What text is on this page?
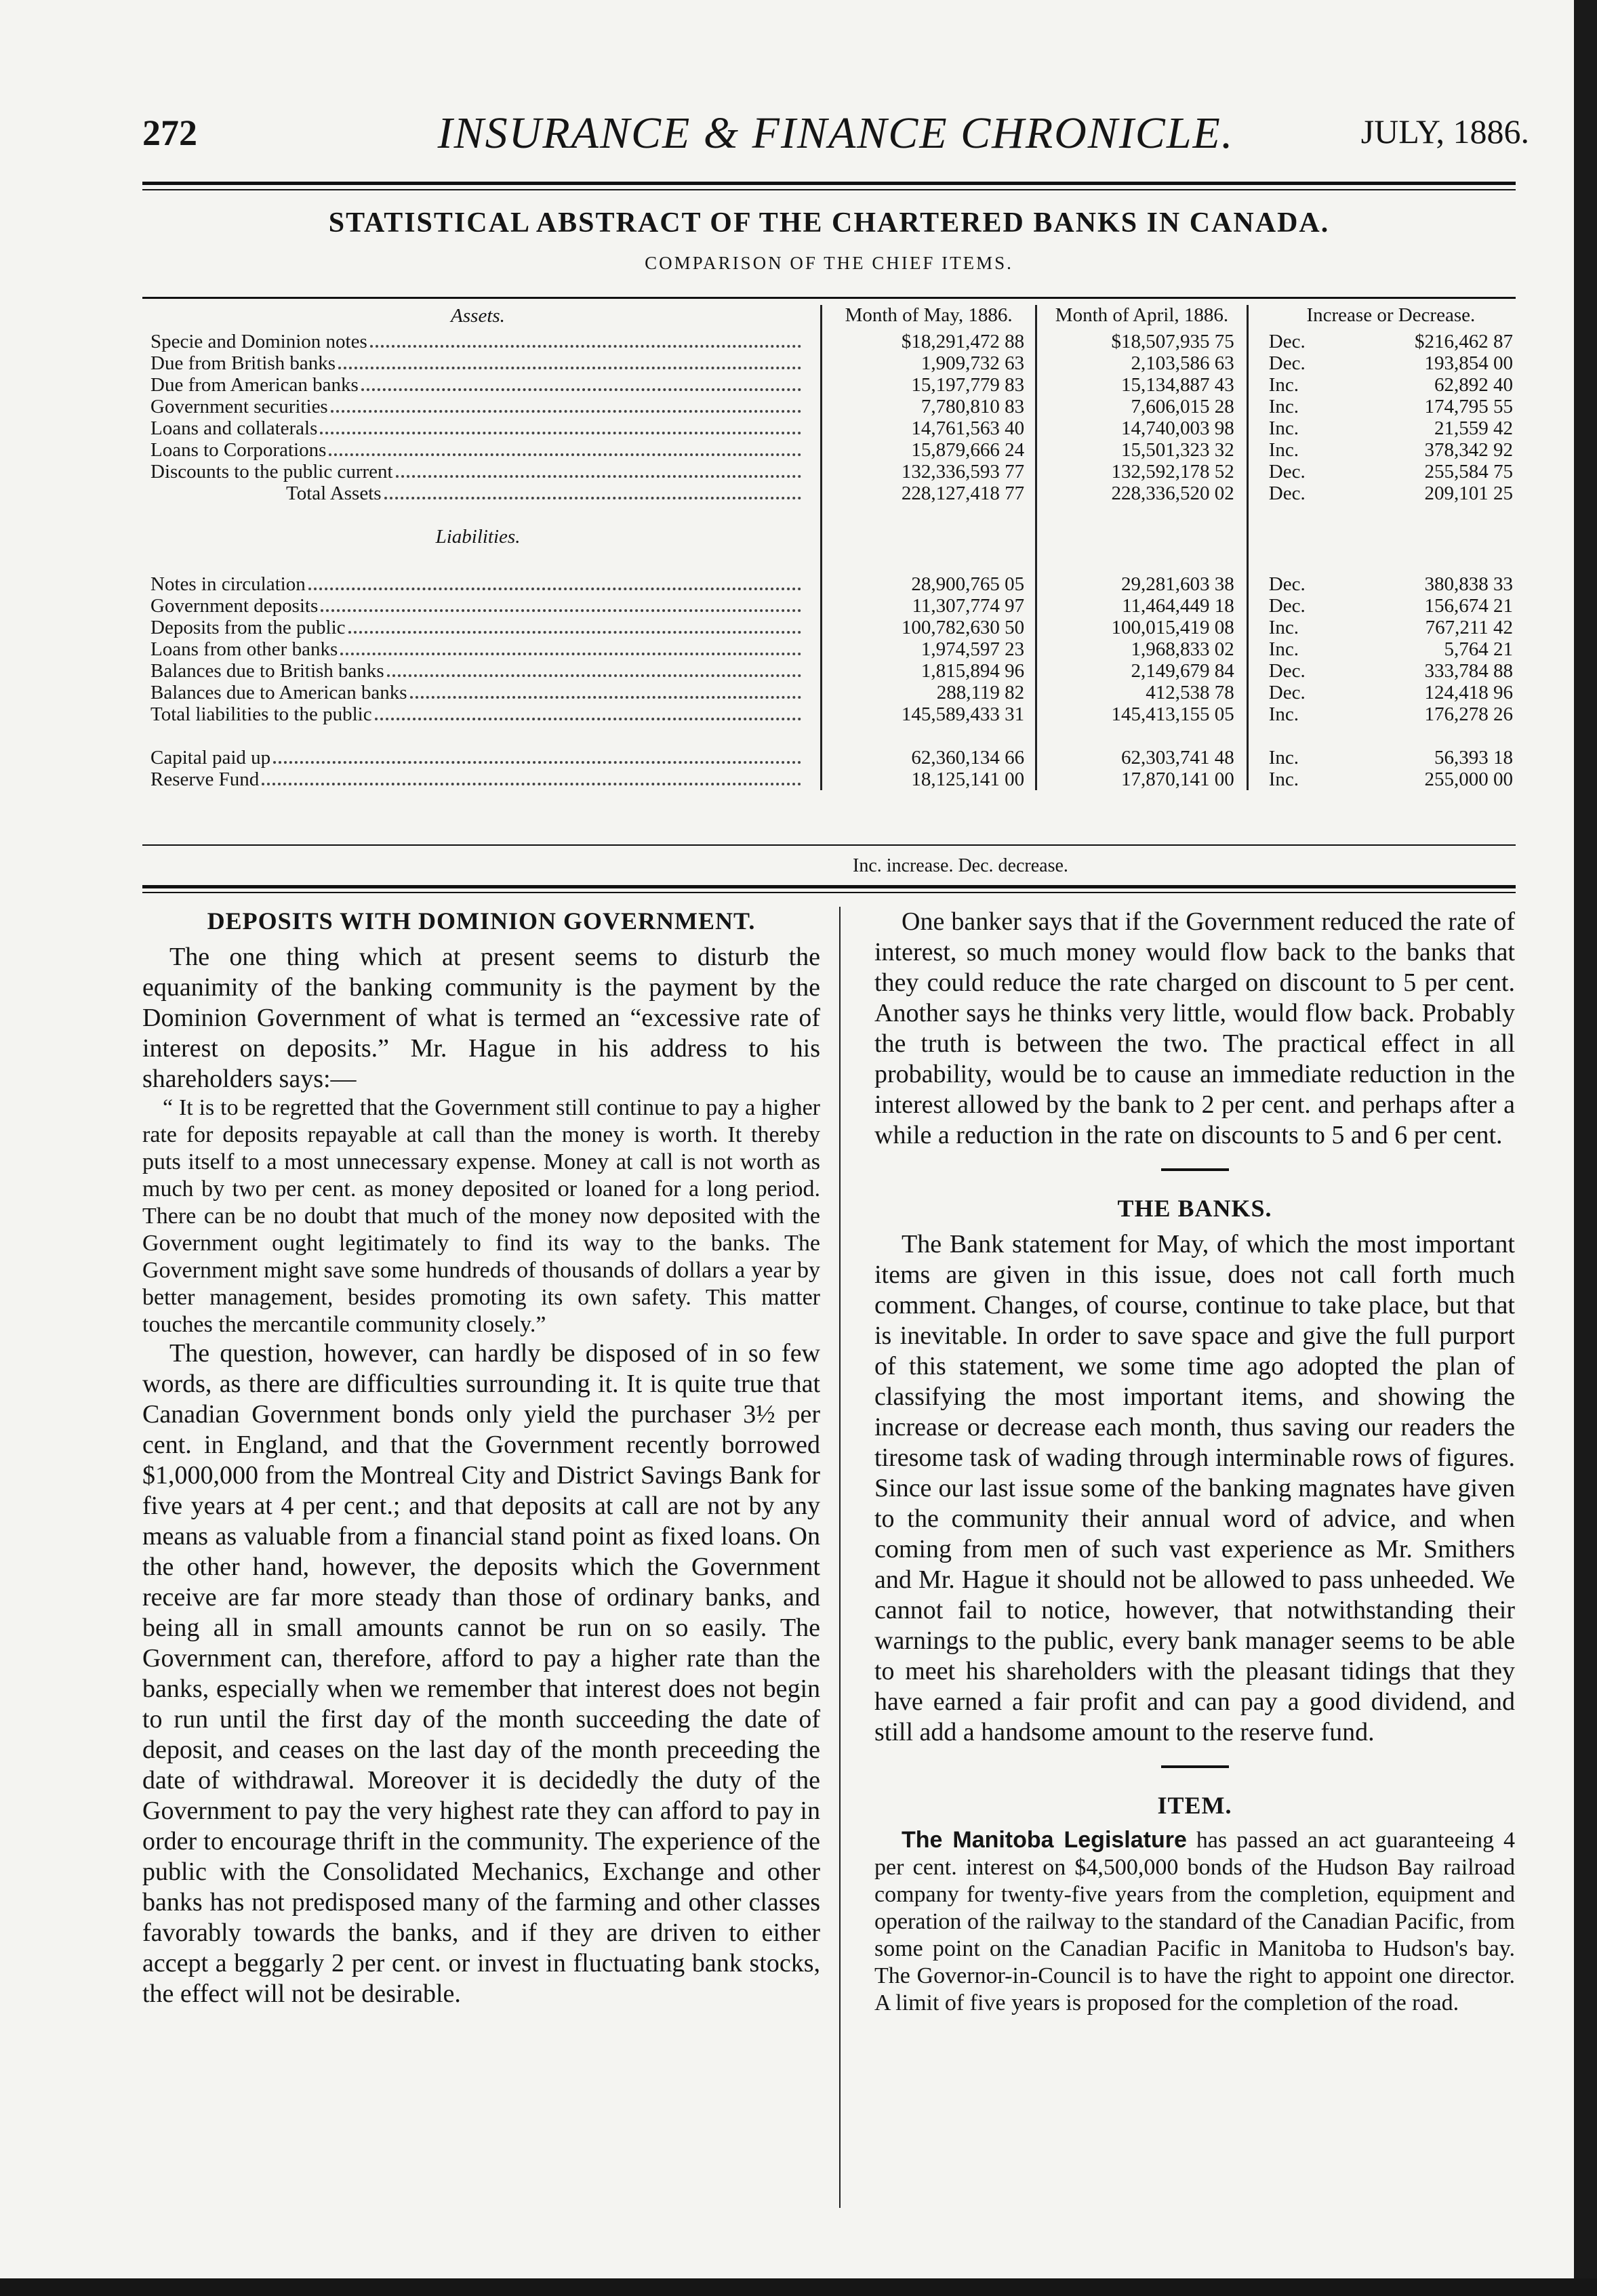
272	INSURANCE & FINANCE CHRONICLE.	JULY, 1886.
STATISTICAL ABSTRACT OF THE CHARTERED BANKS IN CANADA.
COMPARISON OF THE CHIEF ITEMS.
Assets.	Month of May, 1886.	Month of April, 1886.	Increase or Decrease.

Specie and Dominion notes	$18,291,472 88	$18,507,935 75	Dec. $216,462 87

Due from British banks	1,909,732 63	2,103,586 63	Dec. 193,854 00

Due from American banks	15,197,779 83	15,134,887 43	Inc. 62,892 40

Government securities	7,780,810 83	7,606,015 28	Inc. 174,795 55

Loans and collaterals	14,761,563 40	14,740,003 98	Inc. 21,559 42

Loans to Corporations	15,879,666 24	15,501,323 32	Inc. 378,342 92

Discounts to the public current	132,336,593 77	132,592,178 52	Dec. 255,584 75

Total Assets	228,127,418 77	228,336,520 02	Dec. 209,101 25

Liabilities.			

Notes in circulation	28,900,765 05	29,281,603 38	Dec. 380,838 33

Government deposits	11,307,774 97	11,464,449 18	Dec. 156,674 21

Deposits from the public	100,782,630 50	100,015,419 08	Inc. 767,211 42

Loans from other banks	1,974,597 23	1,968,833 02	Inc. 5,764 21

Balances due to British banks	1,815,894 96	2,149,679 84	Dec. 333,784 88

Balances due to American banks	288,119 82	412,538 78	Dec. 124,418 96

Total liabilities to the public	145,589,433 31	145,413,155 05	Inc. 176,278 26

Capital paid up	62,360,134 66	62,303,741 48	Inc. 56,393 18

Reserve Fund	18,125,141 00	17,870,141 00	Inc. 255,000 00
Inc. increase. Dec. decrease.
DEPOSITS WITH DOMINION GOVERNMENT.

The one thing which at present seems to disturb the equanimity of the banking community is the payment by the Dominion Government of what is termed an “excessive rate of interest on deposits.” Mr. Hague in his address to his shareholders says:—

“ It is to be regretted that the Government still continue to pay a higher rate for deposits repayable at call than the money is worth. It thereby puts itself to a most unnecessary expense. Money at call is not worth as much by two per cent. as money deposited or loaned for a long period. There can be no doubt that much of the money now deposited with the Government ought legitimately to find its way to the banks. The Government might save some hundreds of thousands of dollars a year by better management, besides promoting its own safety. This matter touches the mercantile community closely.”

The question, however, can hardly be disposed of in so few words, as there are difficulties surrounding it. It is quite true that Canadian Government bonds only yield the purchaser 3½ per cent. in England, and that the Government recently borrowed $1,000,000 from the Montreal City and District Savings Bank for five years at 4 per cent.; and that deposits at call are not by any means as valuable from a financial stand point as fixed loans. On the other hand, however, the deposits which the Government receive are far more steady than those of ordinary banks, and being all in small amounts cannot be run on so easily. The Government can, therefore, afford to pay a higher rate than the banks, especially when we remember that interest does not begin to run until the first day of the month succeeding the date of deposit, and ceases on the last day of the month preceeding the date of withdrawal. Moreover it is decidedly the duty of the Government to pay the very highest rate they can afford to pay in order to encourage thrift in the community. The experience of the public with the Consolidated Mechanics, Exchange and other banks has not predisposed many of the farming and other classes favorably towards the banks, and if they are driven to either accept a beggarly 2 per cent. or invest in fluctuating bank stocks, the effect will not be desirable.

One banker says that if the Government reduced the rate of interest, so much money would flow back to the banks that they could reduce the rate charged on discount to 5 per cent. Another says he thinks very little, would flow back. Probably the truth is between the two. The practical effect in all probability, would be to cause an immediate reduction in the interest allowed by the bank to 2 per cent. and perhaps after a while a reduction in the rate on discounts to 5 and 6 per cent.

THE BANKS.

The Bank statement for May, of which the most important items are given in this issue, does not call forth much comment. Changes, of course, continue to take place, but that is inevitable. In order to save space and give the full purport of this statement, we some time ago adopted the plan of classifying the most important items, and showing the increase or decrease each month, thus saving our readers the tiresome task of wading through interminable rows of figures. Since our last issue some of the banking magnates have given to the community their annual word of advice, and when coming from men of such vast experience as Mr. Smithers and Mr. Hague it should not be allowed to pass unheeded. We cannot fail to notice, however, that notwithstanding their warnings to the public, every bank manager seems to be able to meet his shareholders with the pleasant tidings that they have earned a fair profit and can pay a good dividend, and still add a handsome amount to the reserve fund.

ITEM.

The Manitoba Legislature has passed an act guaranteeing 4 per cent. interest on $4,500,000 bonds of the Hudson Bay railroad company for twenty-five years from the completion, equipment and operation of the railway to the standard of the Canadian Pacific, from some point on the Canadian Pacific in Manitoba to Hudson's bay. The Governor-in-Council is to have the right to appoint one director. A limit of five years is proposed for the completion of the road.
